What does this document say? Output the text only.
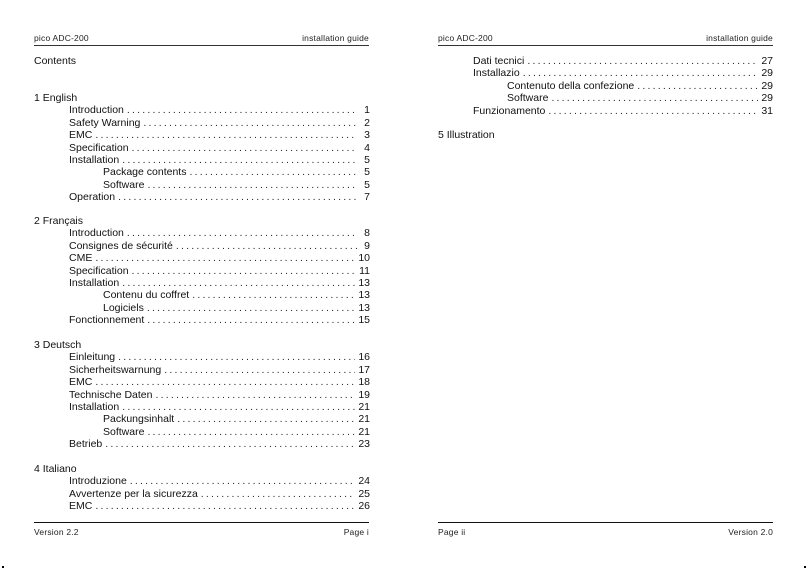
pico ADC-200	installation guide
Contents
1 English
Introduction .....	1
Safety Warning .....	2
EMC .....	3
Specification .....	4
Installation .....	5
Package contents .....	5
Software .....	5
Operation .....	7
2 Français
Introduction .....	8
Consignes de sécurité .....	9
CME .....	10
Specification .....	11
Installation .....	13
Contenu du coffret .....	13
Logiciels .....	13
Fonctionnement .....	15
3 Deutsch
Einleitung .....	16
Sicherheitswarnung .....	17
EMC .....	18
Technische Daten .....	19
Installation .....	21
Packungsinhalt .....	21
Software .....	21
Betrieb .....	23
4 Italiano
Introduzione .....	24
Avvertenze per la sicurezza .....	25
EMC .....	26
Version 2.2	Page i
pico ADC-200	installation guide
Dati tecnici .....	27
Installazio .....	29
Contenuto della confezione .....	29
Software .....	29
Funzionamento .....	31
5 Illustration
Page ii	Version 2.0
